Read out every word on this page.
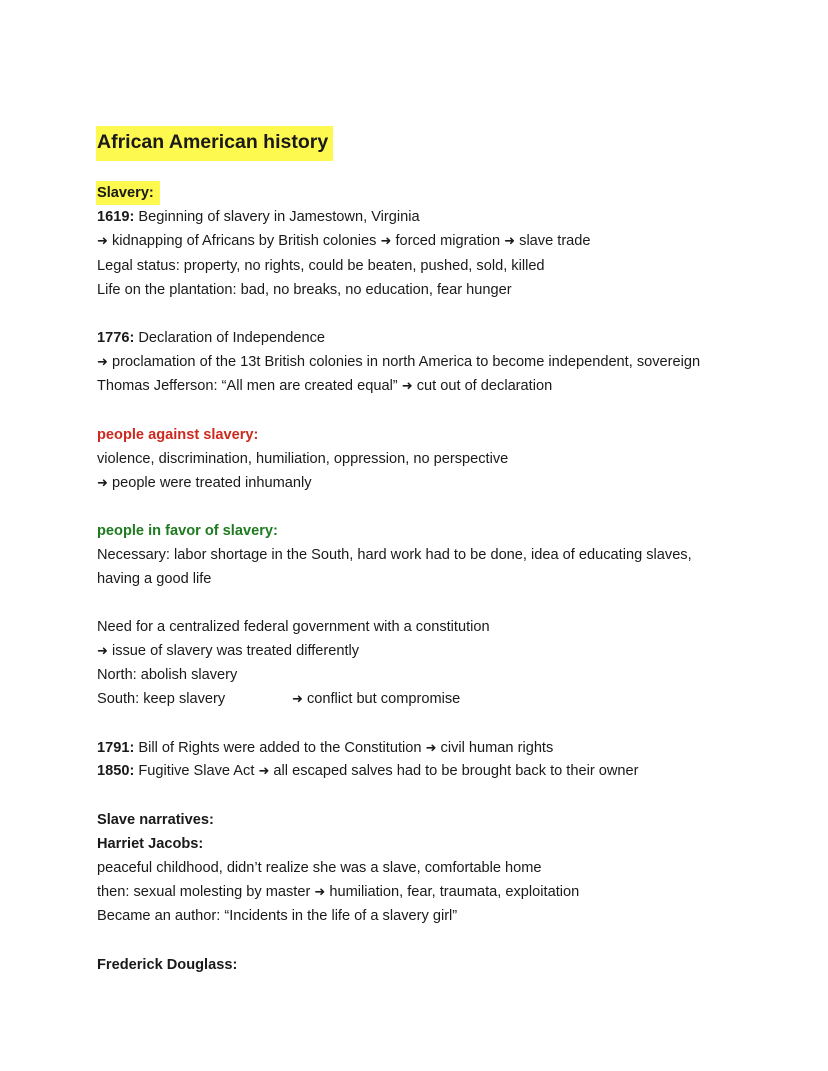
African American history
Slavery:
1619: Beginning of slavery in Jamestown, Virginia
➜ kidnapping of Africans by British colonies ➜ forced migration ➜ slave trade
Legal status: property, no rights, could be beaten, pushed, sold, killed
Life on the plantation: bad, no breaks, no education, fear hunger
1776: Declaration of Independence
➜ proclamation of the 13t British colonies in north America to become independent, sovereign
Thomas Jefferson: “All men are created equal” ➜ cut out of declaration
people against slavery:
violence, discrimination, humiliation, oppression, no perspective
➜ people were treated inhumanly
people in favor of slavery:
Necessary: labor shortage in the South, hard work had to be done, idea of educating slaves,
having a good life
Need for a centralized federal government with a constitution
➜ issue of slavery was treated differently
North: abolish slavery
South: keep slavery	➜ conflict but compromise
1791: Bill of Rights were added to the Constitution ➜ civil human rights
1850: Fugitive Slave Act ➜ all escaped salves had to be brought back to their owner
Slave narratives:
Harriet Jacobs:
peaceful childhood, didn’t realize she was a slave, comfortable home
then: sexual molesting by master ➜ humiliation, fear, traumata, exploitation
Became an author: “Incidents in the life of a slavery girl”
Frederick Douglass:
